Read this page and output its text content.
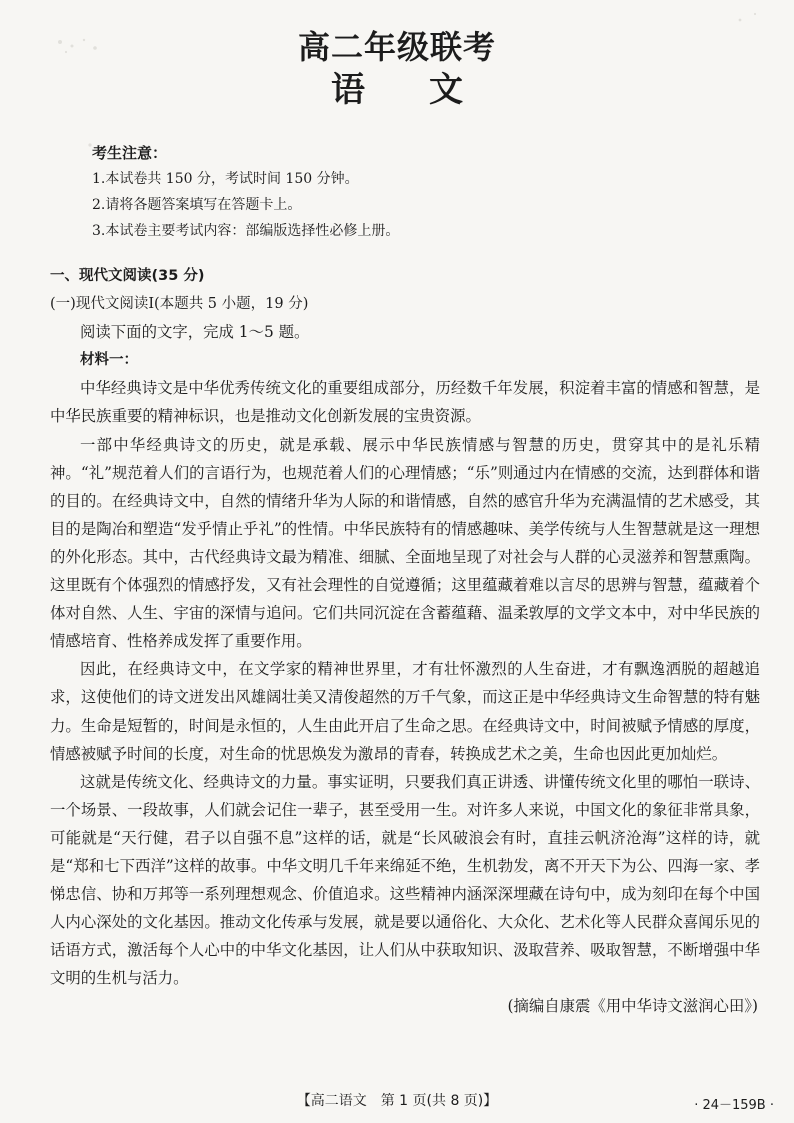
高二年级联考
语文
考生注意：
1.本试卷共 150 分，考试时间 150 分钟。
2.请将各题答案填写在答题卡上。
3.本试卷主要考试内容：部编版选择性必修上册。

一、现代文阅读(35 分)

(一)现代文阅读Ⅰ(本题共 5 小题，19 分)

阅读下面的文字，完成 1～5 题。

材料一：

中华经典诗文是中华优秀传统文化的重要组成部分，历经数千年发展，积淀着丰富的情感和智慧，是中华民族重要的精神标识，也是推动文化创新发展的宝贵资源。

一部中华经典诗文的历史，就是承载、展示中华民族情感与智慧的历史，贯穿其中的是礼乐精神。“礼”规范着人们的言语行为，也规范着人们的心理情感；“乐”则通过内在情感的交流，达到群体和谐的目的。在经典诗文中，自然的情绪升华为人际的和谐情感，自然的感官升华为充满温情的艺术感受，其目的是陶冶和塑造“发乎情止乎礼”的性情。中华民族特有的情感趣味、美学传统与人生智慧就是这一理想的外化形态。其中，古代经典诗文最为精准、细腻、全面地呈现了对社会与人群的心灵滋养和智慧熏陶。这里既有个体强烈的情感抒发，又有社会理性的自觉遵循；这里蕴藏着难以言尽的思辨与智慧，蕴藏着个体对自然、人生、宇宙的深情与追问。它们共同沉淀在含蓄蕴藉、温柔敦厚的文学文本中，对中华民族的情感培育、性格养成发挥了重要作用。

因此，在经典诗文中，在文学家的精神世界里，才有壮怀激烈的人生奋进，才有飘逸洒脱的超越追求，这使他们的诗文迸发出风雄阔壮美又清俊超然的万千气象，而这正是中华经典诗文生命智慧的特有魅力。生命是短暂的，时间是永恒的，人生由此开启了生命之思。在经典诗文中，时间被赋予情感的厚度，情感被赋予时间的长度，对生命的忧思焕发为激昂的青春，转换成艺术之美，生命也因此更加灿烂。

这就是传统文化、经典诗文的力量。事实证明，只要我们真正讲透、讲懂传统文化里的哪怕一联诗、一个场景、一段故事，人们就会记住一辈子，甚至受用一生。对许多人来说，中国文化的象征非常具象，可能就是“天行健，君子以自强不息”这样的话，就是“长风破浪会有时，直挂云帆济沧海”这样的诗，就是“郑和七下西洋”这样的故事。中华文明几千年来绵延不绝，生机勃发，离不开天下为公、四海一家、孝悌忠信、协和万邦等一系列理想观念、价值追求。这些精神内涵深深埋藏在诗句中，成为刻印在每个中国人内心深处的文化基因。推动文化传承与发展，就是要以通俗化、大众化、艺术化等人民群众喜闻乐见的话语方式，激活每个人心中的中华文化基因，让人们从中获取知识、汲取营养、吸取智慧，不断增强中华文明的生机与活力。

(摘编自康震《用中华诗文滋润心田》)

【高二语文　第 1 页(共 8 页)】	· 24－159B ·
